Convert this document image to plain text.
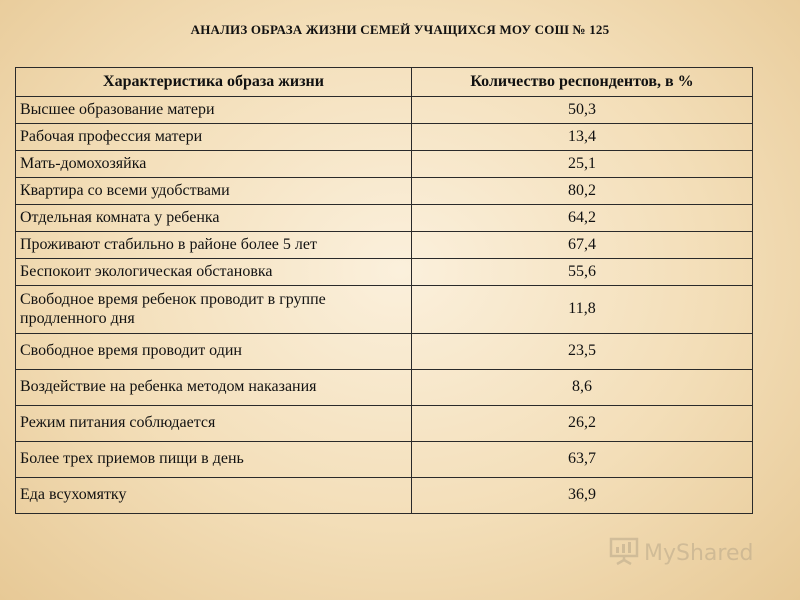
АНАЛИЗ ОБРАЗА ЖИЗНИ СЕМЕЙ УЧАЩИХСЯ МОУ СОШ № 125
Характеристика образа жизни	Количество респондентов, в %
Высшее образование матери	50,3
Рабочая профессия матери	13,4
Мать-домохозяйка	25,1
Квартира со всеми удобствами	80,2
Отдельная комната у ребенка	64,2
Проживают стабильно в районе более 5 лет	67,4
Беспокоит экологическая обстановка	55,6
Свободное время ребенок проводит в группе продленного дня	11,8
Свободное время проводит один	23,5
Воздействие на ребенка методом наказания	8,6
Режим питания соблюдается	26,2
Более трех приемов пищи в день	63,7
Еда всухомятку	36,9
MyShared
